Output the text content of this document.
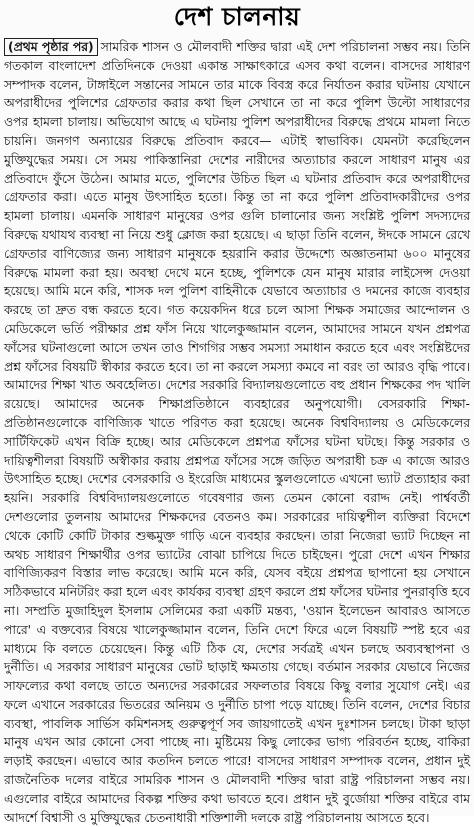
দেশ চালনায়
(প্রথম পৃষ্ঠার পর) সামরিক শাসন ও মৌলবাদী শক্তির দ্বারা এই দেশ পরিচালনা সম্ভব নয়। তিনি গতকাল বাংলাদেশ প্রতিদিনকে দেওয়া একান্ত সাক্ষাৎকারে এসব কথা বলেন। বাসদের সাধারণ সম্পাদক বলেন, টাঙ্গাইলে সন্তানের সামনে তার মাকে বিবস্ত্র করে নির্যাতন করার ঘটনায় যেখানে অপরাধীদের পুলিশের গ্রেফতার করার কথা ছিল সেখানে তা না করে পুলিশ উল্টো সাধারণের ওপর হামলা চালায়। অভিযোগ আছে এ ঘটনায় পুলিশ অপরাধীদের বিরুদ্ধে প্রথমে মামলা নিতে চায়নি। জনগণ অন্যায়ের বিরুদ্ধে প্রতিবাদ করবে— এটাই স্বাভাবিক। যেমনটা করেছিলেন মুক্তিযুদ্ধের সময়। সে সময় পাকিস্তানিরা দেশের নারীদের অত্যাচার করলে সাধারণ মানুষ এর প্রতিবাদে ফুঁসে উঠেন। আমার মতে, পুলিশের উচিত ছিল এ ঘটনার প্রতিবাদ করে অপরাধীদের গ্রেফতার করা। এতে মানুষ উৎসাহিত হতো। কিন্তু তা না করে পুলিশ প্রতিবাদকারীদের ওপর হামলা চালায়। এমনকি সাধারণ মানুষের ওপর গুলি চালানোর জন্য সংশ্লিষ্ট পুলিশ সদস্যদের বিরুদ্ধে যথাযথ ব্যবস্থা না নিয়ে শুধু ক্লোজ করা হয়েছে। এ ছাড়া তিনি বলেন, ঈদকে সামনে রেখে গ্রেফতার বাণিজ্যের জন্য সাধারণ মানুষকে হয়রানি করার উদ্দেশ্যে অজ্ঞাতনামা ৬০০ মানুষের বিরুদ্ধে মামলা করা হয়। অবস্থা দেখে মনে হচ্ছে, পুলিশকে যেন মানুষ মারার লাইসেন্স দেওয়া হয়েছে। আমি মনে করি, শাসক দল পুলিশ বাহিনীকে যেভাবে অত্যাচার ও দমনের কাজে ব্যবহার করছে তা দ্রুত বন্ধ করতে হবে। গত কয়েকদিন ধরে চলে আসা শিক্ষক সমাজের আন্দোলন ও মেডিকেলে ভর্তি পরীক্ষার প্রশ্ন ফাঁস নিয়ে খালেকুজ্জামান বলেন, আমাদের সামনে যখন প্রশ্নপত্র ফাঁসের ঘটনাগুলো আসে তখন তাও শিগগির সম্ভব সমস্যা সমাধান করতে হবে এবং সংশ্লিষ্টদের প্রশ্ন ফাঁসের বিষয়টি স্বীকার করতে হবে। তা না করলে সমস্যা কমবে না বরং তা আরও বৃদ্ধি পাবে। আমাদের শিক্ষা খাত অবহেলিত। দেশের সরকারি বিদ্যালয়গুলোতে বহু প্রধান শিক্ষকের পদ খালি রয়েছে। আমাদের অনেক শিক্ষাপ্রতিষ্ঠানে ব্যবহারের অনুপযোগী। বেসরকারি শিক্ষা-প্রতিষ্ঠানগুলোকে বাণিজ্যিক খাতে পরিণত করা হয়েছে। অনেক বিশ্ববিদ্যালয় ও মেডিকেলের সার্টিফিকেট এখন বিক্রি হচ্ছে। আর মেডিকেলে প্রশ্নপত্র ফাঁসের ঘটনা ঘটছে। কিন্তু সরকার ও দায়িত্বশীলরা বিষয়টি অস্বীকার করায় প্রশ্নপত্র ফাঁসের সঙ্গে জড়িত অপরাধী চক্র এ কাজে আরও উৎসাহিত হচ্ছে। দেশের বেসরকারি ও ইংরেজি মাধ্যমের স্কুলগুলোতে এখনো ভ্যাট প্রত্যাহার করা হয়নি। সরকারি বিশ্ববিদ্যালয়গুলোতে গবেষণার জন্য তেমন কোনো বরাদ্দ নেই। পার্শ্ববর্তী দেশগুলোর তুলনায় আমাদের শিক্ষকদের বেতনও কম। সরকারের দায়িত্বশীল ব্যক্তিরা বিদেশে থেকে কোটি কোটি টাকার শুল্কমুক্ত গাড়ি এনে ব্যবহার করছেন। তারা নিজেরা ভ্যাট দিচ্ছেন না অথচ সাধারণ শিক্ষার্থীর ওপর ভ্যাটের বোঝা চাপিয়ে দিতে চাইছেন। পুরো দেশে এখন শিক্ষার বাণিজ্যিকরণ বিস্তার লাভ করেছে। আমি মনে করি, যেসব বইয়ে প্রশ্নপত্র ছাপানো হয় সেখানে সঠিকভাবে মনিটরিং করা হলে এবং কার্যকর ব্যবস্থা গ্রহণ করলে প্রশ্ন ফাঁসের ঘটনার পুনরাবৃত্তি হবে না। সম্প্রতি মুজাহিদুল ইসলাম সেলিমের করা একটি মন্তব্য, 'ওয়ান ইলেভেন আবারও আসতে পারে' এ বক্তব্যের বিষয়ে খালেকুজ্জামান বলেন, তিনি দেশে ফিরে এলে বিষয়টি স্পষ্ট হবে এর মাধ্যমে কি বলতে চেয়েছেন। কিন্তু এটি ঠিক যে, দেশের সর্বত্রই এখন চলছে অব্যবস্থাপনা ও দুর্নীতি। এ সরকার সাধারণ মানুষের ভোট ছাড়াই ক্ষমতায় গেছে। বর্তমান সরকার যেভাবে নিজের সাফল্যের কথা বলছে তাতে অন্যদের সরকারের সফলতার বিষয়ে কিছু বলার সুযোগ নেই। এর ফলে এখানে সরকারের ভিতরের অনিয়ম ও দুর্নীতি চাপা পড়ে যাচ্ছে। তিনি বলেন, দেশের বিচার ব্যবস্থা, পাবলিক সার্ভিস কমিশনসহ গুরুত্বপূর্ণ সব জায়গাতেই এখন দুঃশাসন চলছে। টাকা ছাড়া মানুষ এখন আর কোনো সেবা পাচ্ছে না। মুষ্টিমেয় কিছু লোকের ভাগ্য পরিবর্তন হচ্ছে, বাকিরা লড়াই করছেন। এভাবে আর কতদিন চলতে পারে! বাসদের সাধারণ সম্পাদক বলেন, প্রধান দুই রাজনৈতিক দলের বাইরে সামরিক শাসন ও মৌলবাদী শক্তির দ্বারা রাষ্ট্র পরিচালনা সম্ভব নয়। এগুলোর বাইরে আমাদের বিকল্প শক্তির কথা ভাবতে হবে। প্রধান দুই বুর্জোয়া শক্তির বাইরে বাম আদর্শে বিশ্বাসী ও মুক্তিযুদ্ধের চেতনাধারী শক্তিশালী দলকে রাষ্ট্র পরিচালনায় আসতে হবে।
